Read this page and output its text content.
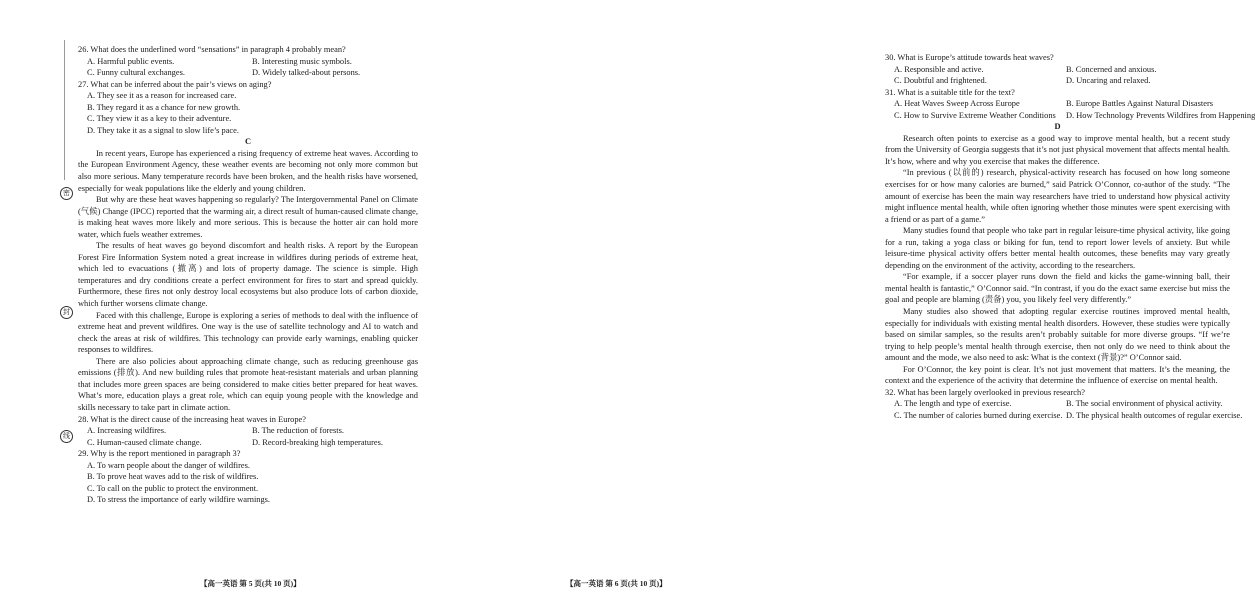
密
封
线

26. What does the underlined word “sensations” in paragraph 4 probably mean?

A. Harmful public events.	B. Interesting music symbols.
C. Funny cultural exchanges.	D. Widely talked-about persons.

27. What can be inferred about the pair’s views on aging?

A. They see it as a reason for increased care.
B. They regard it as a chance for new growth.
C. They view it as a key to their adventure.
D. They take it as a signal to slow life’s pace.

C

In recent years, Europe has experienced a rising frequency of extreme heat waves. According to the European Environment Agency, these weather events are becoming not only more common but also more serious. Many temperature records have been broken, and the health risks have worsened, especially for weak populations like the elderly and young children.

But why are these heat waves happening so regularly? The Intergovernmental Panel on Climate (气候) Change (IPCC) reported that the warming air, a direct result of human-caused climate change, is making heat waves more likely and more serious. This is because the hotter air can hold more water, which fuels weather extremes.

The results of heat waves go beyond discomfort and health risks. A report by the European Forest Fire Information System noted a great increase in wildfires during periods of extreme heat, which led to evacuations (撤离) and lots of property damage. The science is simple. High temperatures and dry conditions create a perfect environment for fires to start and spread quickly. Furthermore, these fires not only destroy local ecosystems but also produce lots of carbon dioxide, which further worsens climate change.

Faced with this challenge, Europe is exploring a series of methods to deal with the influence of extreme heat and prevent wildfires. One way is the use of satellite technology and AI to watch and check the areas at risk of wildfires. This technology can provide early warnings, enabling quicker responses to wildfires.

There are also policies about approaching climate change, such as reducing greenhouse gas emissions (排放). And new building rules that promote heat-resistant materials and urban planning that includes more green spaces are being considered to make cities better prepared for heat waves. What’s more, education plays a great role, which can equip young people with the knowledge and skills necessary to take part in climate action.

28. What is the direct cause of the increasing heat waves in Europe?

A. Increasing wildfires.	B. The reduction of forests.
C. Human-caused climate change.	D. Record-breaking high temperatures.

29. Why is the report mentioned in paragraph 3?

A. To warn people about the danger of wildfires.
B. To prove heat waves add to the risk of wildfires.
C. To call on the public to protect the environment.
D. To stress the importance of early wildfire warnings.
【高一英语 第 5 页(共 10 页)】

30. What is Europe’s attitude towards heat waves?

A. Responsible and active.	B. Concerned and anxious.
C. Doubtful and frightened.	D. Uncaring and relaxed.

31. What is a suitable title for the text?

A. Heat Waves Sweep Across Europe	B. Europe Battles Against Natural Disasters
C. How to Survive Extreme Weather Conditions	D. How Technology Prevents Wildfires from Happening

D

Research often points to exercise as a good way to improve mental health, but a recent study from the University of Georgia suggests that it’s not just physical movement that affects mental health. It’s how, where and why you exercise that makes the difference.

“In previous (以前的) research, physical-activity research has focused on how long someone exercises for or how many calories are burned,” said Patrick O’Connor, co-author of the study. “The amount of exercise has been the main way researchers have tried to understand how physical activity might influence mental health, while often ignoring whether those minutes were spent exercising with a friend or as part of a game.”

Many studies found that people who take part in regular leisure-time physical activity, like going for a run, taking a yoga class or biking for fun, tend to report lower levels of anxiety. But while leisure-time physical activity offers better mental health outcomes, these benefits may vary greatly depending on the environment of the activity, according to the researchers.

“For example, if a soccer player runs down the field and kicks the game-winning ball, their mental health is fantastic,” O’Connor said. “In contrast, if you do the exact same exercise but miss the goal and people are blaming (责备) you, you likely feel very differently.”

Many studies also showed that adopting regular exercise routines improved mental health, especially for individuals with existing mental health disorders. However, these studies were typically based on similar samples, so the results aren’t probably suitable for more diverse groups. “If we’re trying to help people’s mental health through exercise, then not only do we need to think about the amount and the mode, we also need to ask: What is the context (背景)?” O’Connor said.

For O’Connor, the key point is clear. It’s not just movement that matters. It’s the meaning, the context and the experience of the activity that determine the influence of exercise on mental health.

32. What has been largely overlooked in previous research?

A. The length and type of exercise.	B. The social environment of physical activity.
C. The number of calories burned during exercise. D. The physical health outcomes of regular exercise.
【高一英语 第 6 页(共 10 页)】
